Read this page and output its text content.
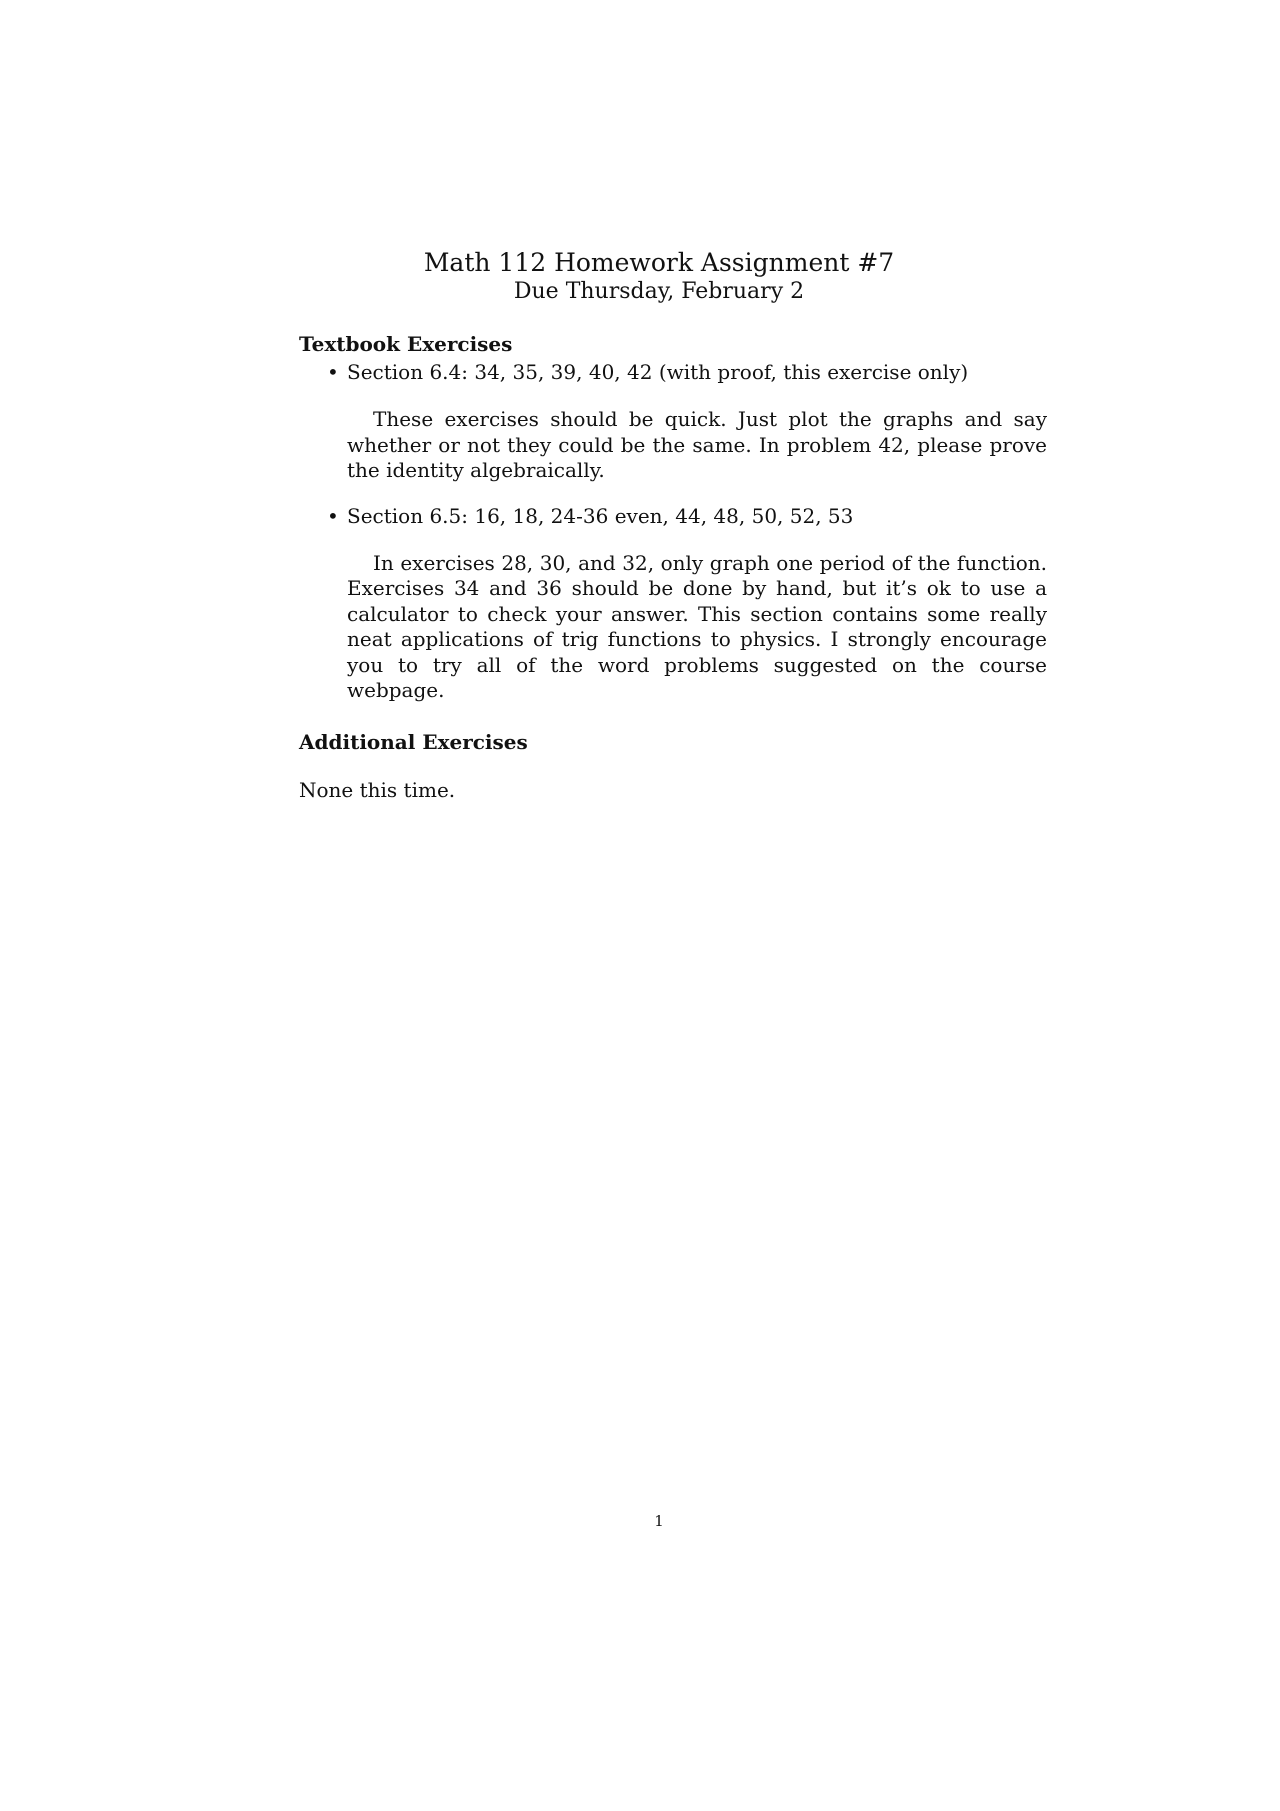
Math 112 Homework Assignment #7

Due Thursday, February 2

Textbook Exercises
• Section 6.4: 34, 35, 39, 40, 42 (with proof, this exercise only)

These exercises should be quick. Just plot the graphs and say whether or not they could be the same. In problem 42, please prove the identity algebraically.

• Section 6.5: 16, 18, 24-36 even, 44, 48, 50, 52, 53

In exercises 28, 30, and 32, only graph one period of the function. Exercises 34 and 36 should be done by hand, but it’s ok to use a calculator to check your answer. This section contains some really neat applications of trig functions to physics. I strongly encourage you to try all of the word problems suggested on the course webpage.

Additional Exercises

None this time.

1
